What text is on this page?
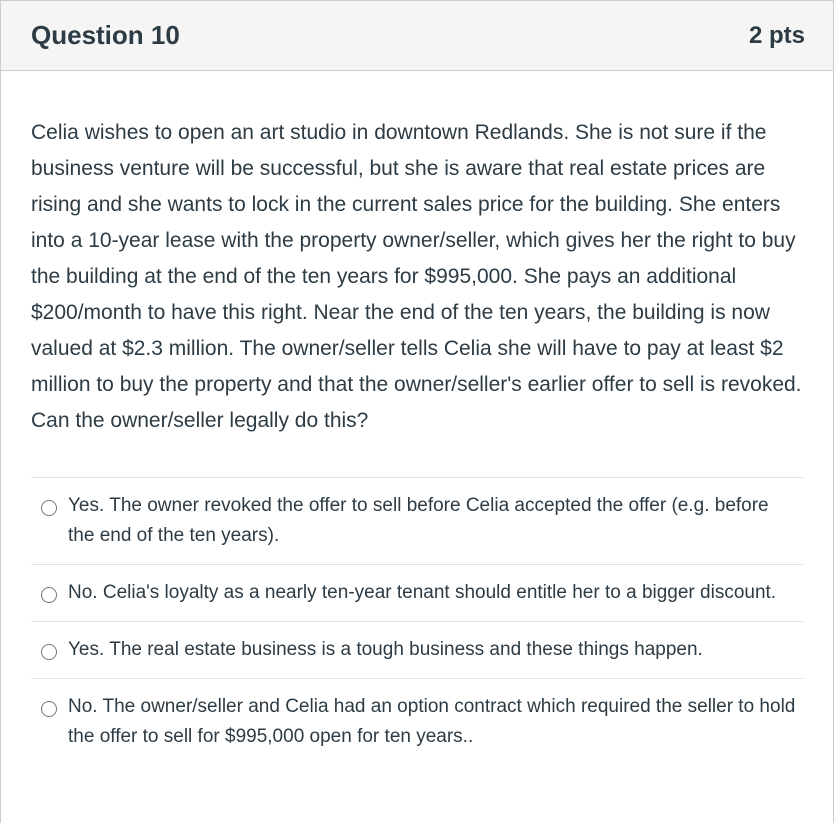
Question 10	2 pts

Celia wishes to open an art studio in downtown Redlands. She is not sure if the business venture will be successful, but she is aware that real estate prices are rising and she wants to lock in the current sales price for the building. She enters into a 10-year lease with the property owner/seller, which gives her the right to buy the building at the end of the ten years for $995,000. She pays an additional $200/month to have this right. Near the end of the ten years, the building is now valued at $2.3 million. The owner/seller tells Celia she will have to pay at least $2 million to buy the property and that the owner/seller's earlier offer to sell is revoked. Can the owner/seller legally do this?

Yes. The owner revoked the offer to sell before Celia accepted the offer (e.g. before the end of the ten years).
No. Celia's loyalty as a nearly ten-year tenant should entitle her to a bigger discount.
Yes. The real estate business is a tough business and these things happen.
No. The owner/seller and Celia had an option contract which required the seller to hold the offer to sell for $995,000 open for ten years..
